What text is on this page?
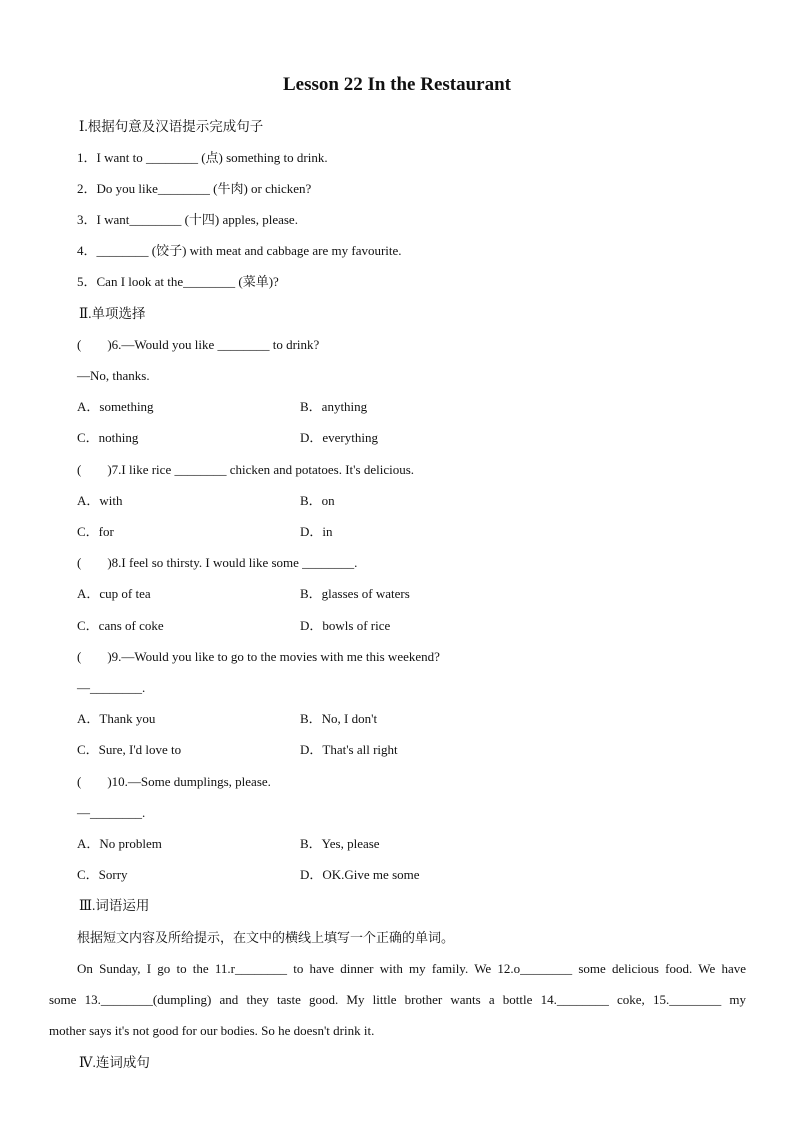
Lesson 22 In the Restaurant
Ⅰ.根据句意及汉语提示完成句子
1．I want to ________ (点) something to drink.
2．Do you like________ (牛肉) or chicken?
3．I want________ (十四) apples, please.
4．________ (饺子) with meat and cabbage are my favourite.
5．Can I look at the________ (菜单)?
Ⅱ.单项选择
(　　)6.—Would you like ________ to drink?
—No, thanks.
A．something	B．anything
C．nothing	D．everything
(　　)7.I like rice ________ chicken and potatoes. It's delicious.
A．with	B．on
C．for	D．in
(　　)8.I feel so thirsty. I would like some ________.
A．cup of tea	B．glasses of waters
C．cans of coke	D．bowls of rice
(　　)9.—Would you like to go to the movies with me this weekend?
—________.
A．Thank you	B．No, I don't
C．Sure, I'd love to	D．That's all right
(　　)10.—Some dumplings, please.
—________.
A．No problem	B．Yes, please
C．Sorry	D．OK.Give me some
Ⅲ.词语运用
根据短文内容及所给提示，在文中的横线上填写一个正确的单词。
On Sunday, I go to the 11.r________ to have dinner with my family. We 12.o________ some delicious food. We have
some 13.________(dumpling) and they taste good. My little brother wants a bottle 14.________ coke, 15.________ my
mother says it's not good for our bodies. So he doesn't drink it.
Ⅳ.连词成句
